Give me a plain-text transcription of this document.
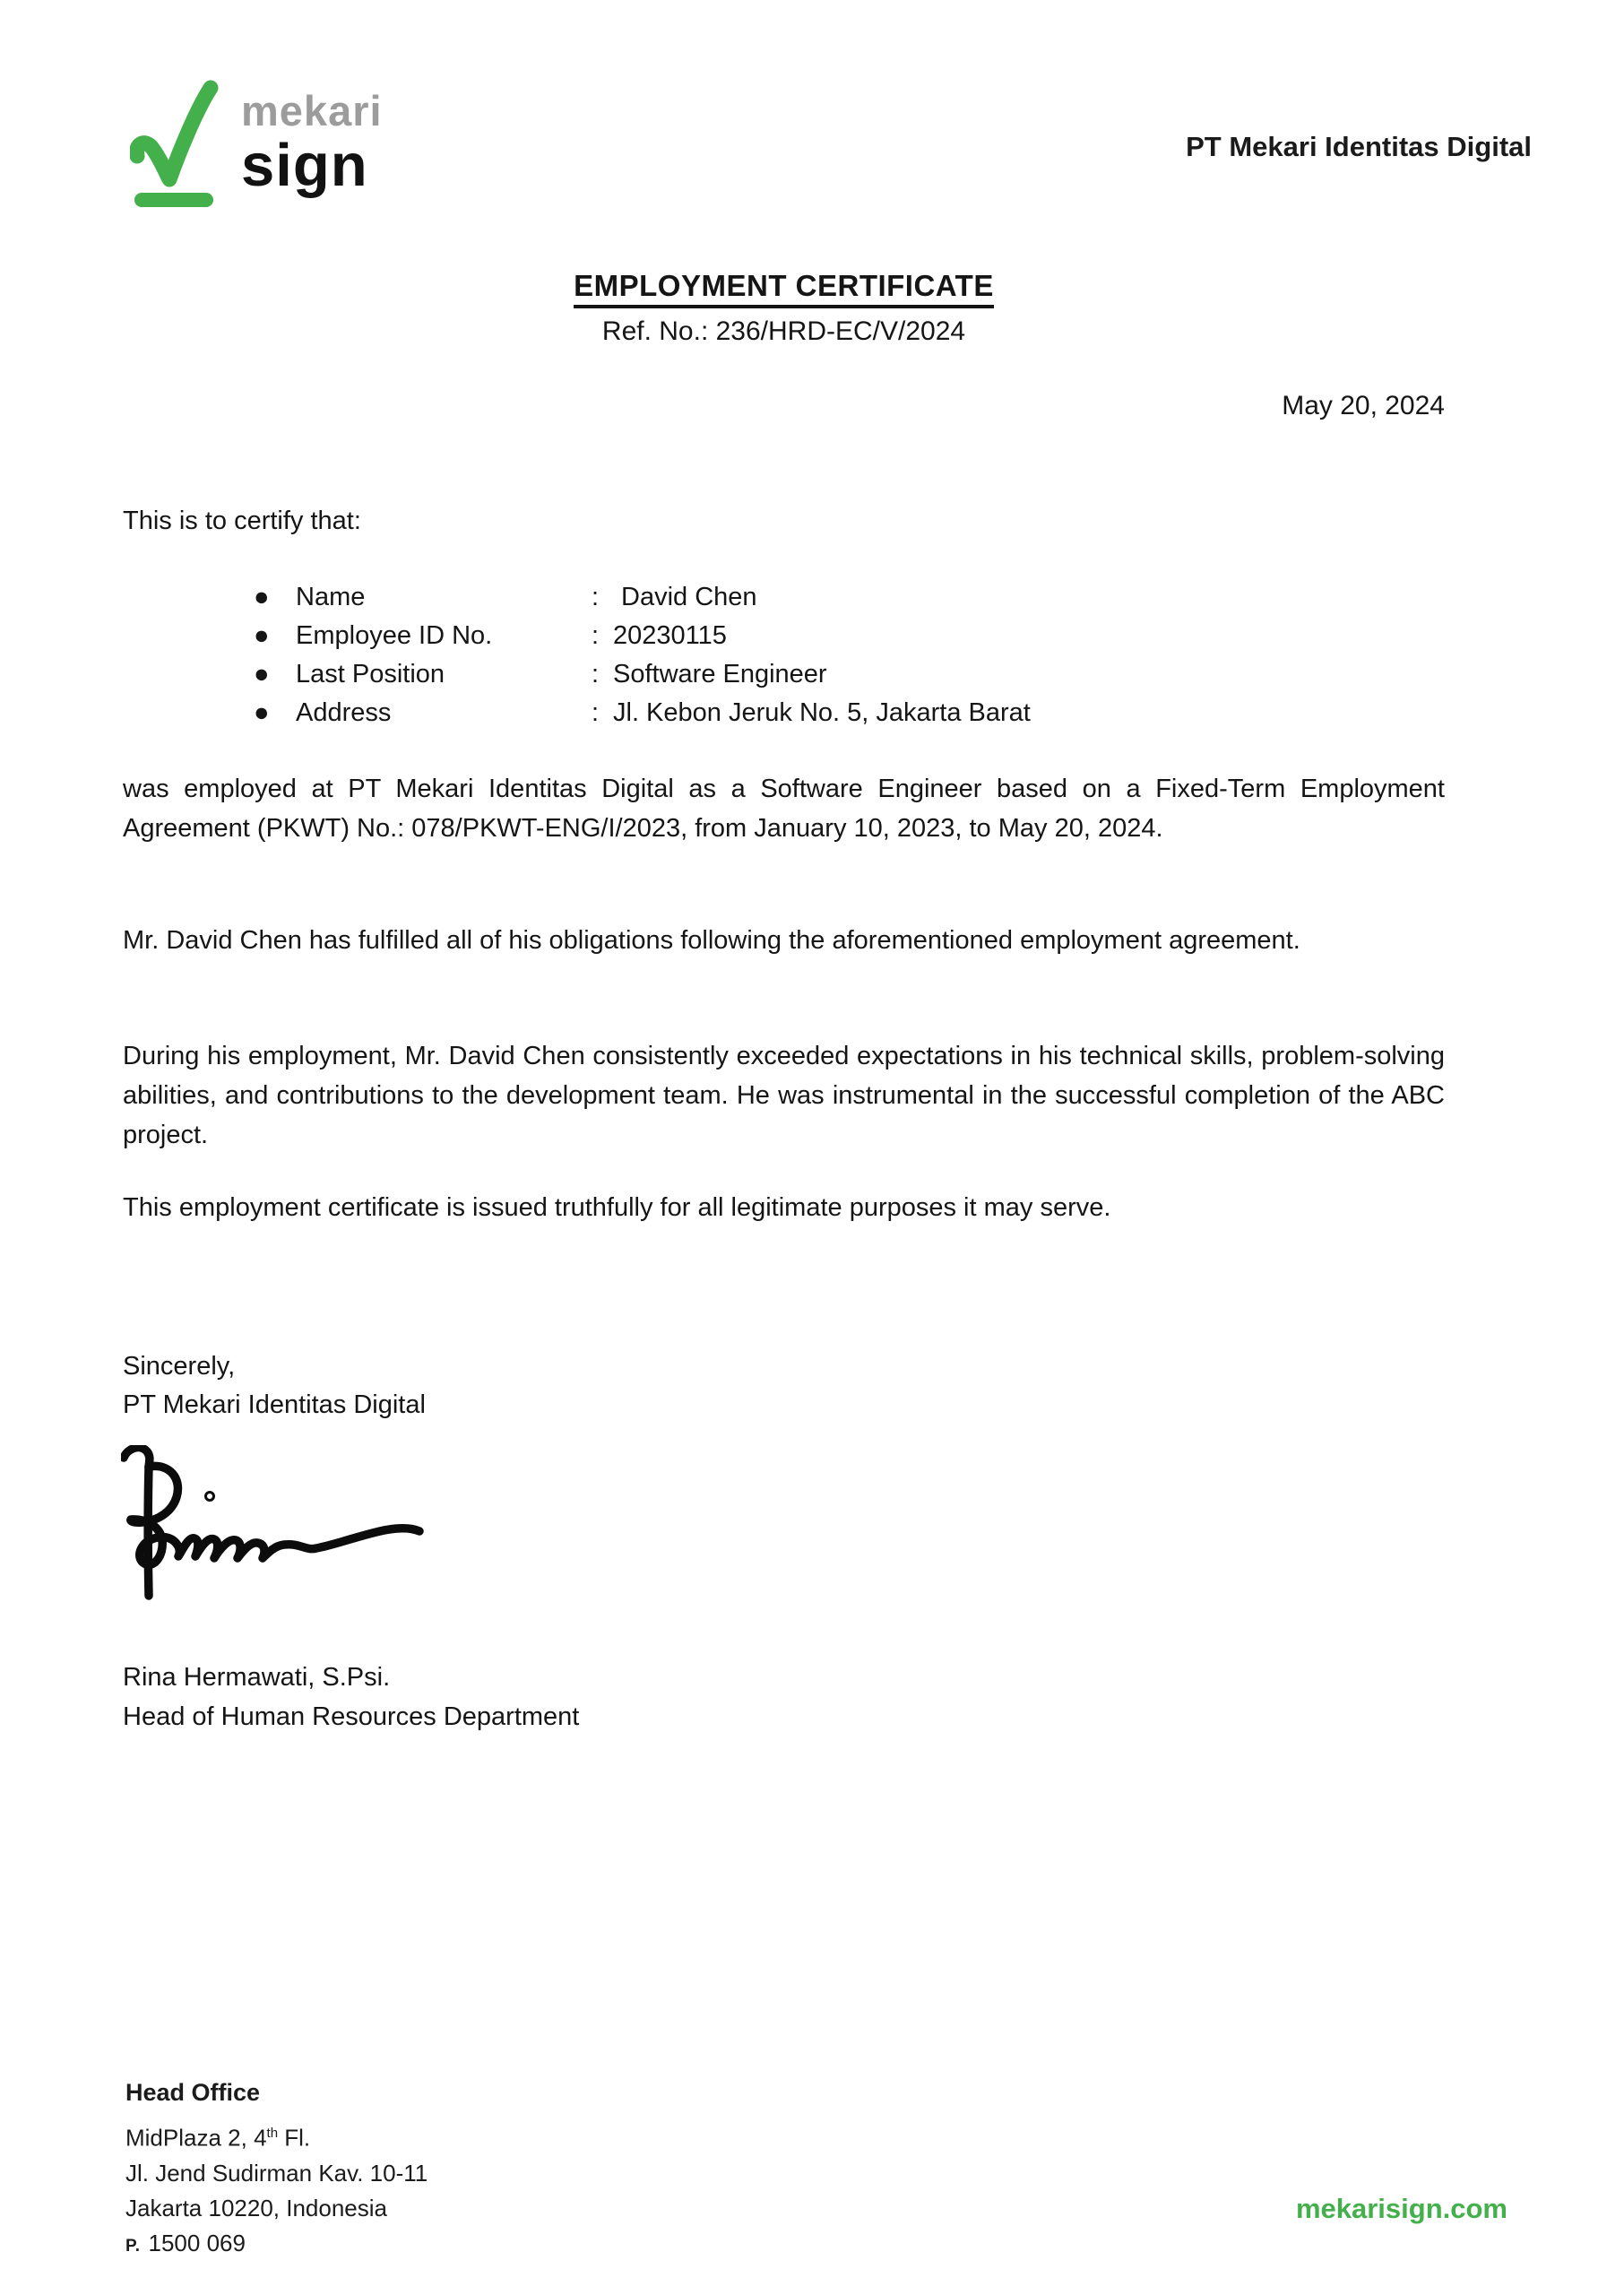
mekari
sign	PT Mekari Identitas Digital
EMPLOYMENT CERTIFICATE
Ref. No.: 236/HRD-EC/V/2024
May 20, 2024
This is to certify that:
●	Name	:	David Chen
●	Employee ID No.	:	20230115
●	Last Position	:	Software Engineer
●	Address	:	Jl. Kebon Jeruk No. 5, Jakarta Barat

was employed at PT Mekari Identitas Digital as a Software Engineer based on a Fixed-Term Employment Agreement (PKWT) No.: 078/PKWT-ENG/I/2023, from January 10, 2023, to May 20, 2024.

Mr. David Chen has fulfilled all of his obligations following the aforementioned employment agreement.

During his employment, Mr. David Chen consistently exceeded expectations in his technical skills, problem-solving abilities, and contributions to the development team. He was instrumental in the successful completion of the ABC project.

This employment certificate is issued truthfully for all legitimate purposes it may serve.

Sincerely,
PT Mekari Identitas Digital
Rina Hermawati, S.Psi.
Head of Human Resources Department
Head Office
MidPlaza 2, 4th Fl.
Jl. Jend Sudirman Kav. 10-11
Jakarta 10220, Indonesia
P. 1500 069
mekarisign.com
